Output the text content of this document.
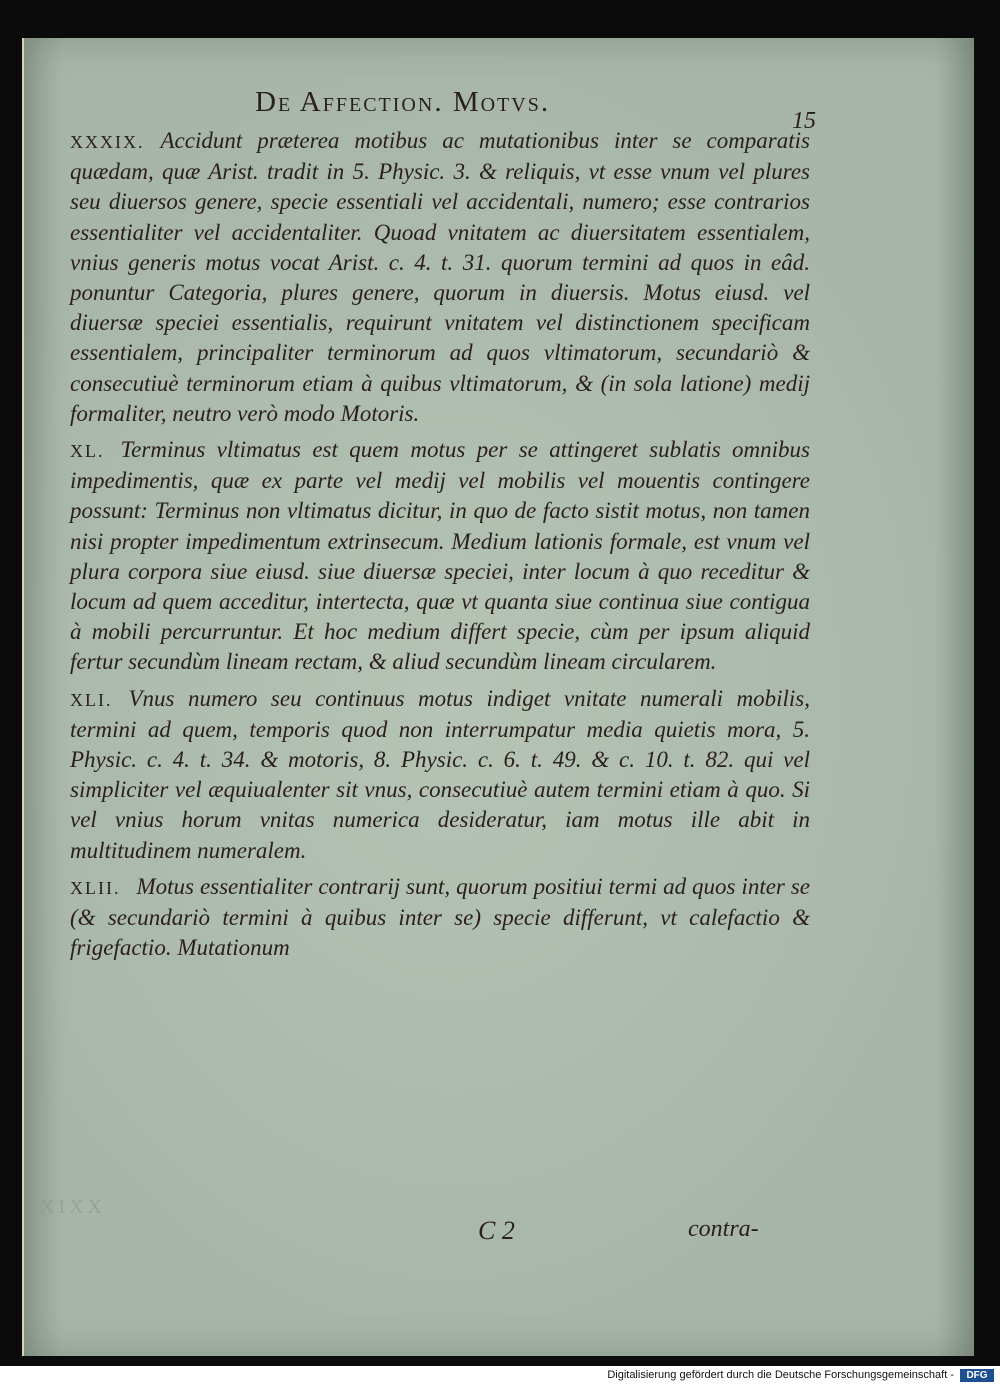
De Affection. Motvs.
15

XXXIX. Accidunt præterea motibus ac mutationibus inter se comparatis quædam, quæ Arist. tradit in 5. Physic. 3. & reliquis, vt esse vnum vel plures seu diuersos genere, specie essentiali vel accidentali, numero; esse contrarios essentialiter vel accidentaliter. Quoad vnitatem ac diuersitatem essentialem, vnius generis motus vocat Arist. c. 4. t. 31. quorum termini ad quos in eâd. ponuntur Categoria, plures genere, quorum in diuersis. Motus eiusd. vel diuersæ speciei essentialis, requirunt vnitatem vel distinctionem specificam essentialem, principaliter terminorum ad quos vltimatorum, secundariò & consecutiuè terminorum etiam à quibus vltimatorum, & (in sola latione) medij formaliter, neutro verò modo Motoris.

XL. Terminus vltimatus est quem motus per se attingeret sublatis omnibus impedimentis, quæ ex parte vel medij vel mobilis vel mouentis contingere possunt: Terminus non vltimatus dicitur, in quo de facto sistit motus, non tamen nisi propter impedimentum extrinsecum. Medium lationis formale, est vnum vel plura corpora siue eiusd. siue diuersæ speciei, inter locum à quo receditur & locum ad quem acceditur, intertecta, quæ vt quanta siue continua siue contigua à mobili percurruntur. Et hoc medium differt specie, cùm per ipsum aliquid fertur secundùm lineam rectam, & aliud secundùm lineam circularem.

XLI. Vnus numero seu continuus motus indiget vnitate numerali mobilis, termini ad quem, temporis quod non interrumpatur media quietis mora, 5. Physic. c. 4. t. 34. & motoris, 8. Physic. c. 6. t. 49. & c. 10. t. 82. qui vel simpliciter vel æquiualenter sit vnus, consecutiuè autem termini etiam à quo. Si vel vnius horum vnitas numerica desideratur, iam motus ille abit in multitudinem numeralem.

XLII. Motus essentialiter contrarij sunt, quorum positiui termi ad quos inter se (& secundariò termini à quibus inter se) specie differunt, vt calefactio & frigefactio. Mutationum

XIXX
C 2	contra-
Digitalisierung gefördert durch die Deutsche Forschungsgemeinschaft -	DFG
